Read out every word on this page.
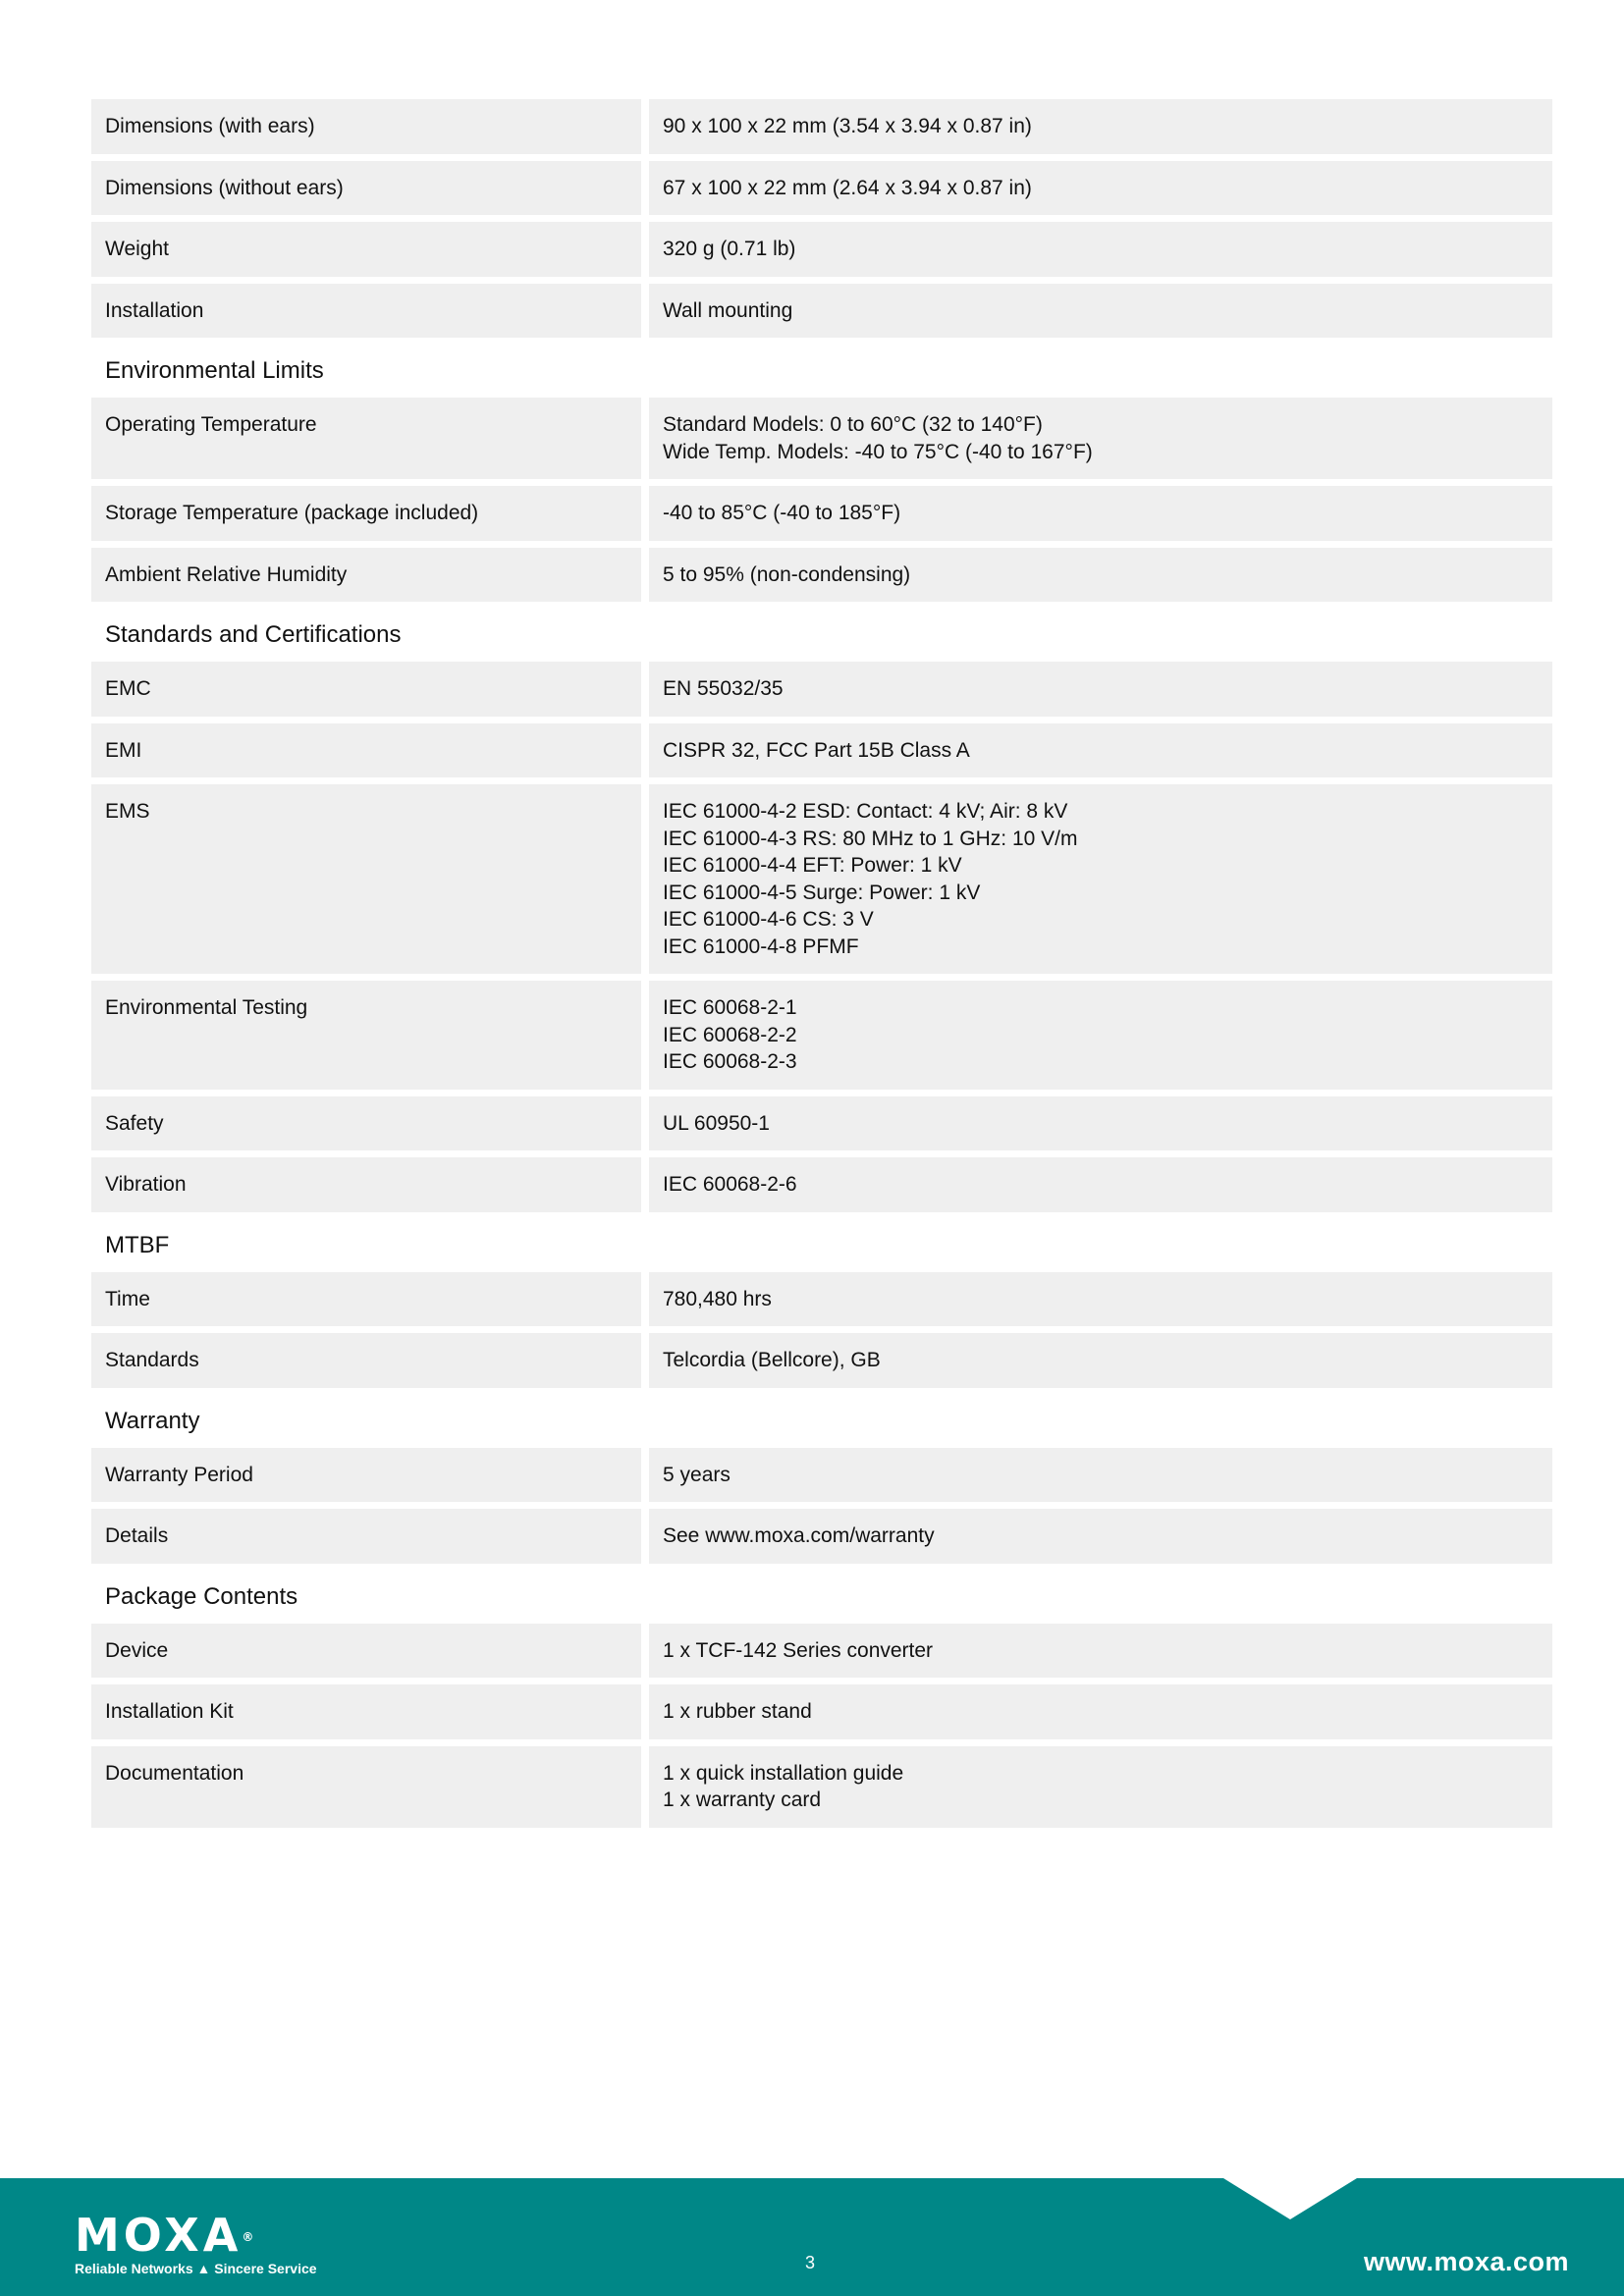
Dimensions (with ears)	90 x 100 x 22 mm (3.54 x 3.94 x 0.87 in)
Dimensions (without ears)	67 x 100 x 22 mm (2.64 x 3.94 x 0.87 in)
Weight	320 g (0.71 lb)
Installation	Wall mounting
Environmental Limits
Operating Temperature	Standard Models: 0 to 60°C (32 to 140°F)
Wide Temp. Models: -40 to 75°C (-40 to 167°F)
Storage Temperature (package included)	-40 to 85°C (-40 to 185°F)
Ambient Relative Humidity	5 to 95% (non-condensing)
Standards and Certifications
EMC	EN 55032/35
EMI	CISPR 32, FCC Part 15B Class A
EMS	IEC 61000-4-2 ESD: Contact: 4 kV; Air: 8 kV
IEC 61000-4-3 RS: 80 MHz to 1 GHz: 10 V/m
IEC 61000-4-4 EFT: Power: 1 kV
IEC 61000-4-5 Surge: Power: 1 kV
IEC 61000-4-6 CS: 3 V
IEC 61000-4-8 PFMF
Environmental Testing	IEC 60068-2-1
IEC 60068-2-2
IEC 60068-2-3
Safety	UL 60950-1
Vibration	IEC 60068-2-6
MTBF
Time	780,480 hrs
Standards	Telcordia (Bellcore), GB
Warranty
Warranty Period	5 years
Details	See www.moxa.com/warranty
Package Contents
Device	1 x TCF-142 Series converter
Installation Kit	1 x rubber stand
Documentation	1 x quick installation guide
1 x warranty card
MOXA®
Reliable Networks ▲ Sincere Service	3	www.moxa.com
